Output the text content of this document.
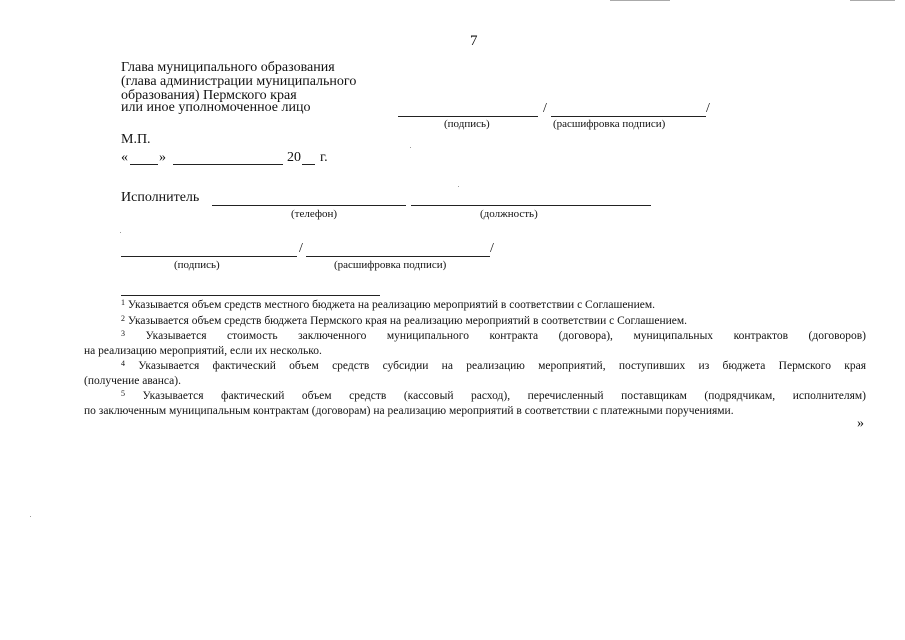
7
Глава муниципального образования
(глава администрации муниципального
образования) Пермского края
или иное уполномоченное лицо	/	/
(подпись)	(расшифровка подписи)
М.П.
« »	20 г.
Исполнитель
(телефон)	(должность)
/	/
(подпись)	(расшифровка подписи)
$^1$ Указывается объем средств местного бюджета на реализацию мероприятий в соответствии с Соглашением.
$^2$ Указывается объем средств бюджета Пермского края на реализацию мероприятий в соответствии с Соглашением.
$^3$ Указывается стоимость заключенного муниципального контракта (договора), муниципальных контрактов (договоров)
на реализацию мероприятий, если их несколько.
$^4$ Указывается фактический объем средств субсидии на реализацию мероприятий, поступивших из бюджета Пермского края
(получение аванса).
$^5$ Указывается фактический объем средств (кассовый расход), перечисленный поставщикам (подрядчикам, исполнителям)
по заключенным муниципальным контрактам (договорам) на реализацию мероприятий в соответствии с платежными поручениями.
»
